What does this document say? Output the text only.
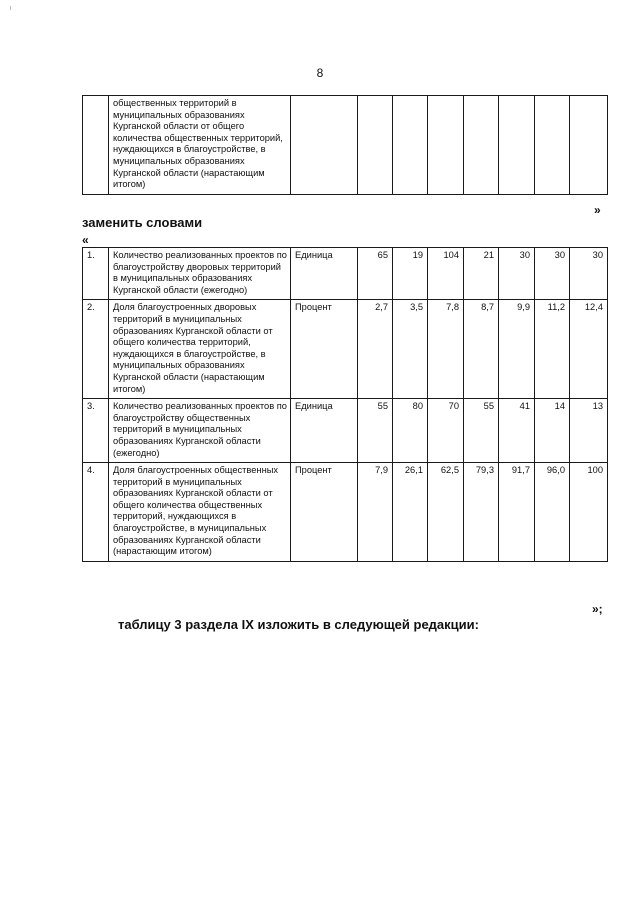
8
	общественных территорий в муниципальных образованиях Курганской области от общего количества общественных территорий, нуждающихся в благоустройстве, в муниципальных образованиях Курганской области (нарастающим итогом)								
»
заменить словами
«
1.	Количество реализованных проектов по благоустройству дворовых территорий в муниципальных образованиях Курганской области (ежегодно)	Единица	65	19	104	21	30	30	30
2.	Доля благоустроенных дворовых территорий в муниципальных образованиях Курганской области от общего количества территорий, нуждающихся в благоустройстве, в муниципальных образованиях Курганской области (нарастающим итогом)	Процент	2,7	3,5	7,8	8,7	9,9	11,2	12,4
3.	Количество реализованных проектов по благоустройству общественных территорий в муниципальных образованиях Курганской области (ежегодно)	Единица	55	80	70	55	41	14	13
4.	Доля благоустроенных общественных территорий в муниципальных образованиях Курганской области от общего количества общественных территорий, нуждающихся в благоустройстве, в муниципальных образованиях Курганской области (нарастающим итогом)	Процент	7,9	26,1	62,5	79,3	91,7	96,0	100
»;
таблицу 3 раздела IX изложить в следующей редакции:
